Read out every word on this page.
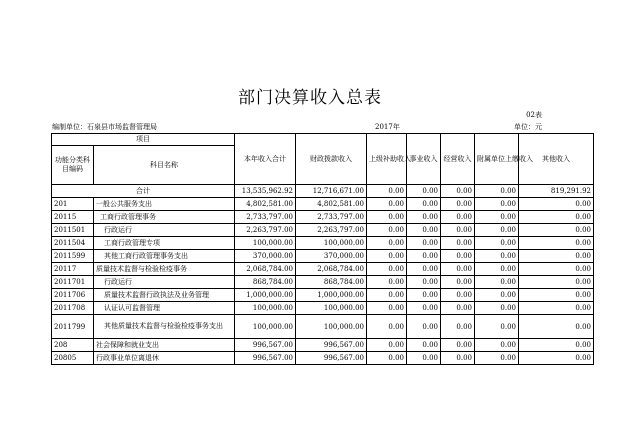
部门决算收入总表
02表
编制单位：石泉县市场监督管理局	2017年	单位：元
项目		本年收入合计	财政拨款收入	上级补助收入	事业收入	经营收入	附属单位上缴收入	其他收入
功能分类科目编码	科目名称							
合计		13,535,962.92	12,716,671.00	0.00	0.00	0.00	0.00	819,291.92
201	一般公共服务支出	4,802,581.00	4,802,581.00	0.00	0.00	0.00	0.00	0.00
20115	工商行政管理事务	2,733,797.00	2,733,797.00	0.00	0.00	0.00	0.00	0.00
2011501	行政运行	2,263,797.00	2,263,797.00	0.00	0.00	0.00	0.00	0.00
2011504	工商行政管理专项	100,000.00	100,000.00	0.00	0.00	0.00	0.00	0.00
2011599	其他工商行政管理事务支出	370,000.00	370,000.00	0.00	0.00	0.00	0.00	0.00
20117	质量技术监督与检验检疫事务	2,068,784.00	2,068,784.00	0.00	0.00	0.00	0.00	0.00
2011701	行政运行	868,784.00	868,784.00	0.00	0.00	0.00	0.00	0.00
2011706	质量技术监督行政执法及业务管理	1,000,000.00	1,000,000.00	0.00	0.00	0.00	0.00	0.00
2011708	认证认可监督管理	100,000.00	100,000.00	0.00	0.00	0.00	0.00	0.00
2011799	其他质量技术监督与检验检疫事务支出	100,000.00	100,000.00	0.00	0.00	0.00	0.00	0.00
208	社会保障和就业支出	996,567.00	996,567.00	0.00	0.00	0.00	0.00	0.00
20805	行政事业单位离退休	996,567.00	996,567.00	0.00	0.00	0.00	0.00	0.00
